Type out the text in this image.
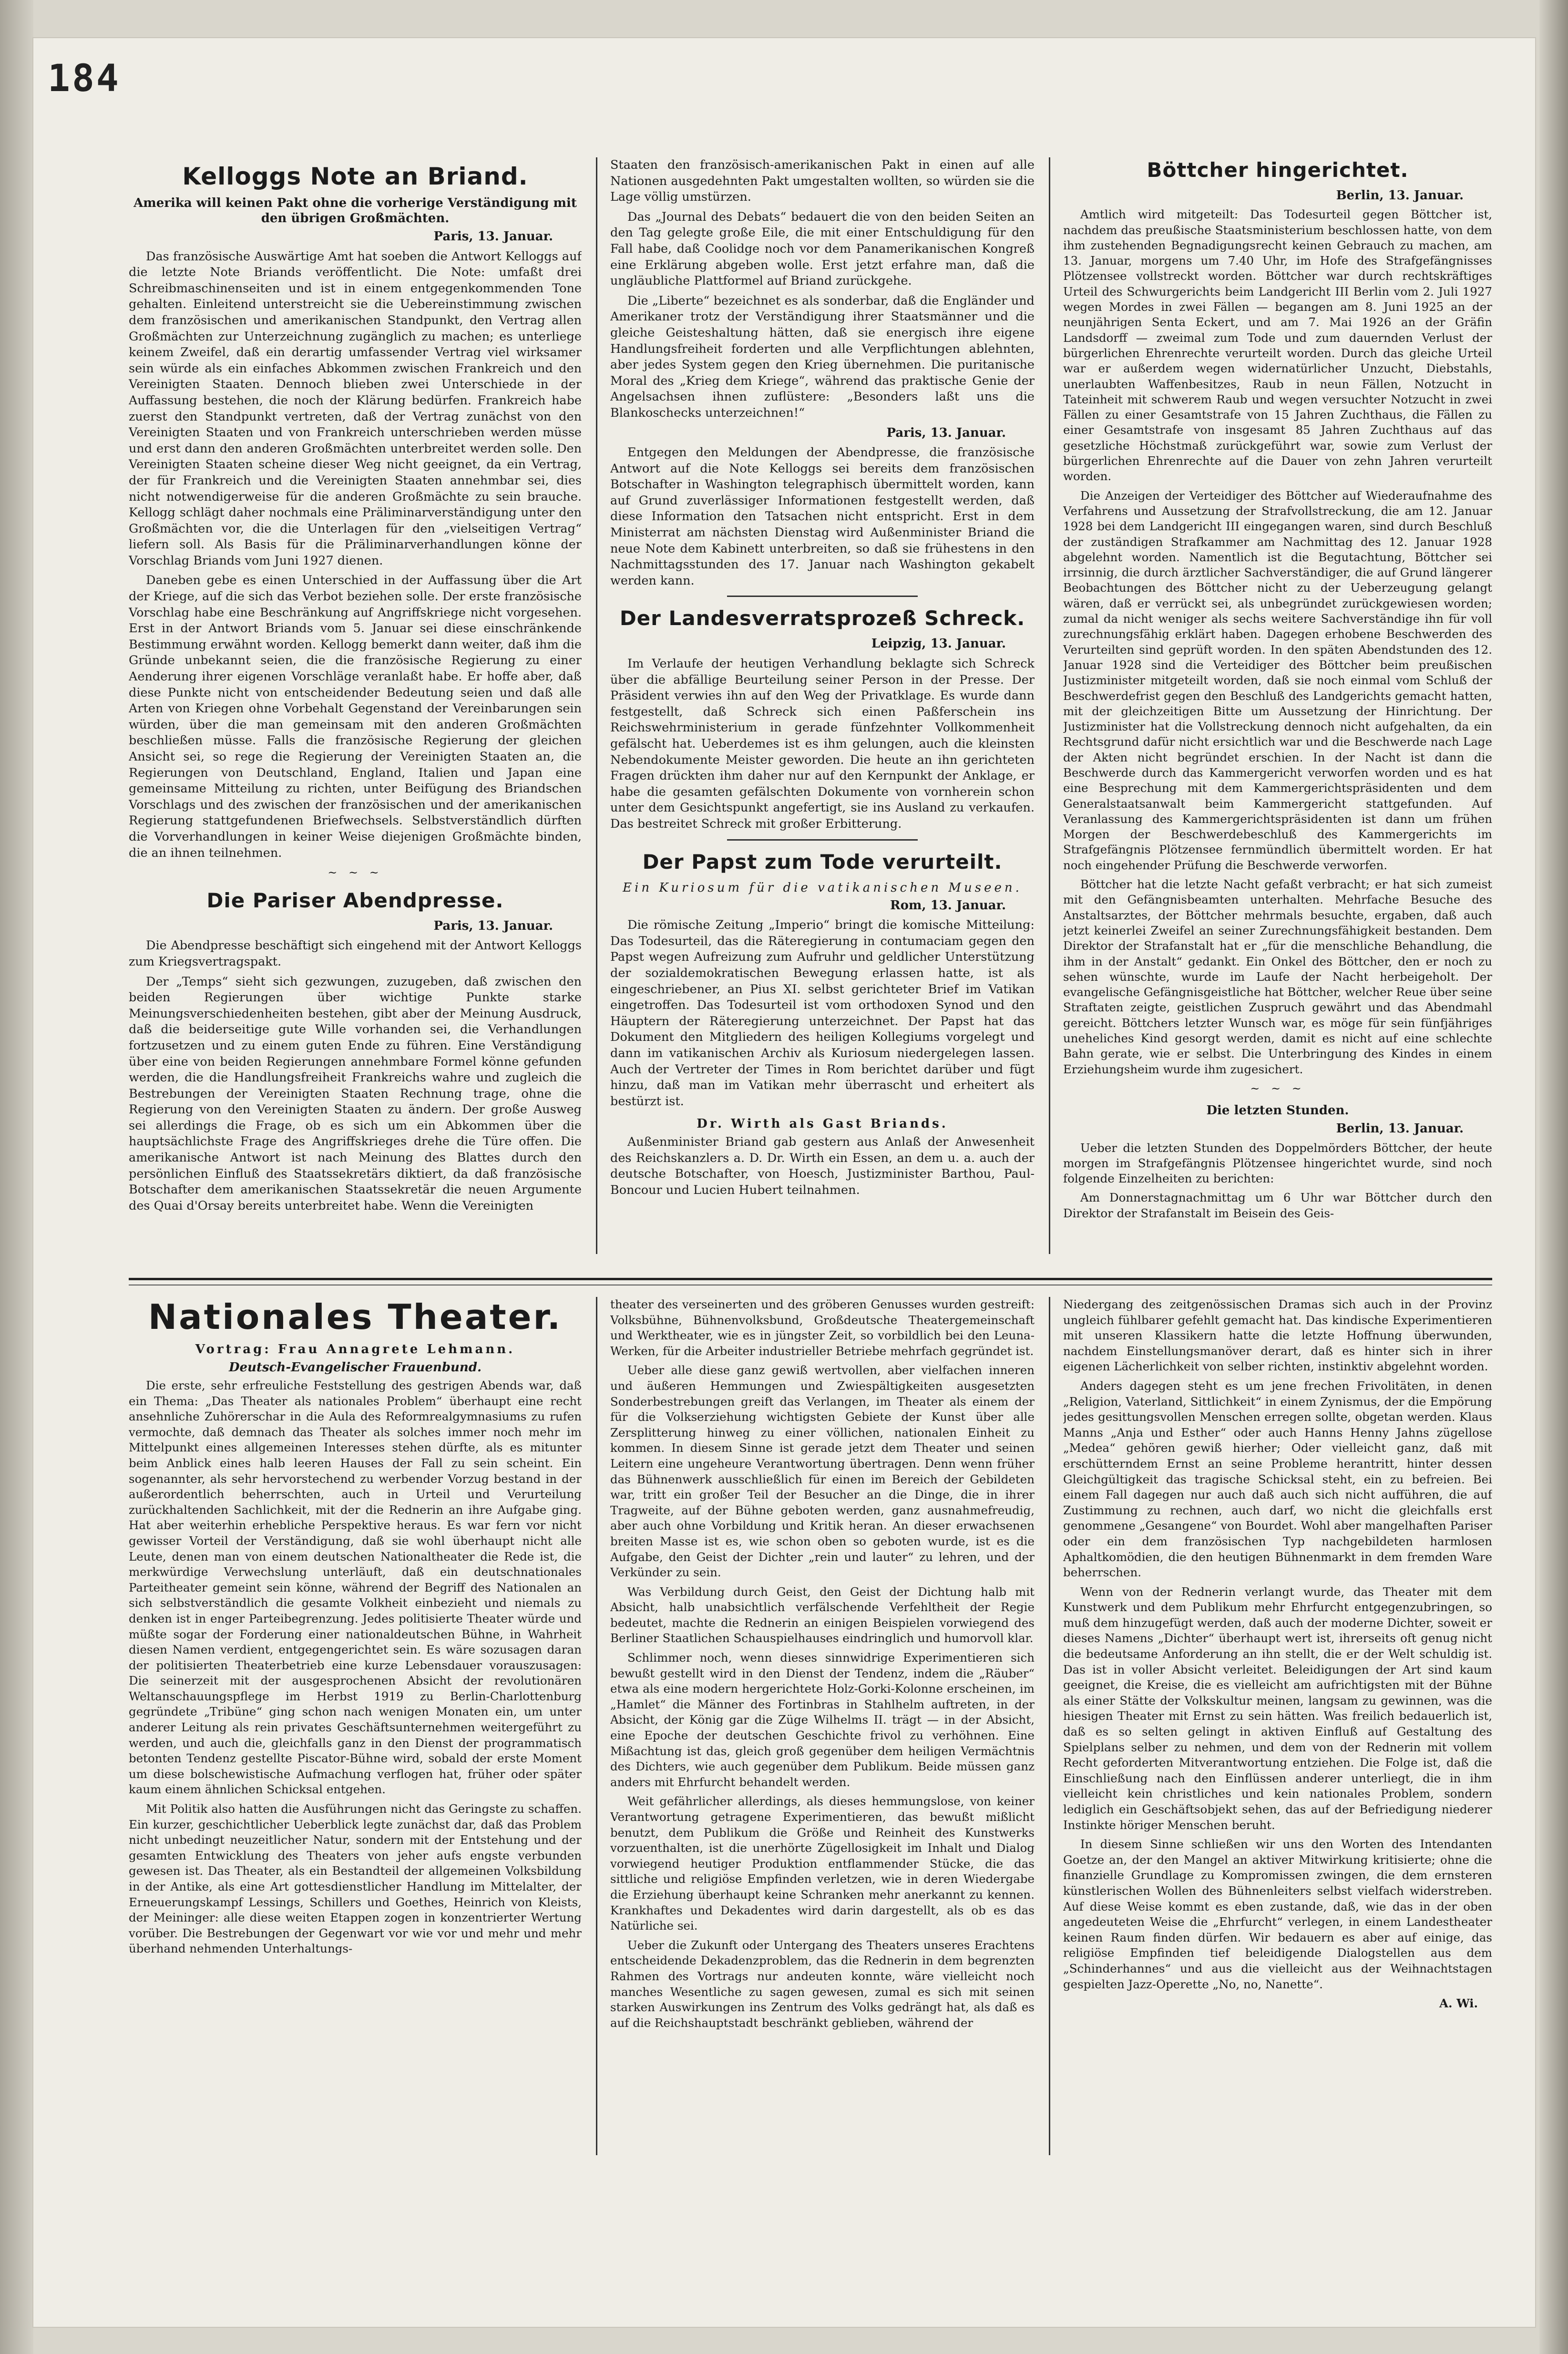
184
Kelloggs Note an Briand.
Amerika will keinen Pakt ohne die vorherige Verständigung mit den übrigen Großmächten.
Paris, 13. Januar.

Das französische Auswärtige Amt hat soeben die Antwort Kelloggs auf die letzte Note Briands veröffentlicht. Die Note: umfaßt drei Schreibmaschinenseiten und ist in einem entgegenkommenden Tone gehalten. Einleitend unterstreicht sie die Uebereinstimmung zwischen dem französischen und amerikanischen Standpunkt, den Vertrag allen Großmächten zur Unterzeichnung zugänglich zu machen; es unterliege keinem Zweifel, daß ein derartig umfassender Vertrag viel wirksamer sein würde als ein einfaches Abkommen zwischen Frankreich und den Vereinigten Staaten. Dennoch blieben zwei Unterschiede in der Auffassung bestehen, die noch der Klärung bedürfen. Frankreich habe zuerst den Standpunkt vertreten, daß der Vertrag zunächst von den Vereinigten Staaten und von Frankreich unterschrieben werden müsse und erst dann den anderen Großmächten unterbreitet werden solle. Den Vereinigten Staaten scheine dieser Weg nicht geeignet, da ein Vertrag, der für Frankreich und die Vereinigten Staaten annehmbar sei, dies nicht notwendigerweise für die anderen Großmächte zu sein brauche. Kellogg schlägt daher nochmals eine Präliminarverständigung unter den Großmächten vor, die die Unterlagen für den „vielseitigen Vertrag“ liefern soll. Als Basis für die Präliminarverhandlungen könne der Vorschlag Briands vom Juni 1927 dienen.

Daneben gebe es einen Unterschied in der Auffassung über die Art der Kriege, auf die sich das Verbot beziehen solle. Der erste französische Vorschlag habe eine Beschränkung auf Angriffskriege nicht vorgesehen. Erst in der Antwort Briands vom 5. Januar sei diese einschränkende Bestimmung erwähnt worden. Kellogg bemerkt dann weiter, daß ihm die Gründe unbekannt seien, die die französische Regierung zu einer Aenderung ihrer eigenen Vorschläge veranlaßt habe. Er hoffe aber, daß diese Punkte nicht von entscheidender Bedeutung seien und daß alle Arten von Kriegen ohne Vorbehalt Gegenstand der Vereinbarungen sein würden, über die man gemeinsam mit den anderen Großmächten beschließen müsse. Falls die französische Regierung der gleichen Ansicht sei, so rege die Regierung der Vereinigten Staaten an, die Regierungen von Deutschland, England, Italien und Japan eine gemeinsame Mitteilung zu richten, unter Beifügung des Briandschen Vorschlags und des zwischen der französischen und der amerikanischen Regierung stattgefundenen Briefwechsels. Selbstverständlich dürften die Vorverhandlungen in keiner Weise diejenigen Großmächte binden, die an ihnen teilnehmen.

~ ~ ~
Die Pariser Abendpresse.
Paris, 13. Januar.

Die Abendpresse beschäftigt sich eingehend mit der Antwort Kelloggs zum Kriegsvertragspakt.

Der „Temps“ sieht sich gezwungen, zuzugeben, daß zwischen den beiden Regierungen über wichtige Punkte starke Meinungsverschiedenheiten bestehen, gibt aber der Meinung Ausdruck, daß die beiderseitige gute Wille vorhanden sei, die Verhandlungen fortzusetzen und zu einem guten Ende zu führen. Eine Verständigung über eine von beiden Regierungen annehmbare Formel könne gefunden werden, die die Handlungsfreiheit Frankreichs wahre und zugleich die Bestrebungen der Vereinigten Staaten Rechnung trage, ohne die Regierung von den Vereinigten Staaten zu ändern. Der große Ausweg sei allerdings die Frage, ob es sich um ein Abkommen über die hauptsächlichste Frage des Angriffskrieges drehe die Türe offen. Die amerikanische Antwort ist nach Meinung des Blattes durch den persönlichen Einfluß des Staatssekretärs diktiert, da daß französische Botschafter dem amerikanischen Staatssekretär die neuen Argumente des Quai d'Orsay bereits unterbreitet habe. Wenn die Vereinigten

Staaten den französisch-amerikanischen Pakt in einen auf alle Nationen ausgedehnten Pakt umgestalten wollten, so würden sie die Lage völlig umstürzen.

Das „Journal des Debats“ bedauert die von den beiden Seiten an den Tag gelegte große Eile, die mit einer Entschuldigung für den Fall habe, daß Coolidge noch vor dem Panamerikanischen Kongreß eine Erklärung abgeben wolle. Erst jetzt erfahre man, daß die ungläubliche Plattformel auf Briand zurückgehe.

Die „Liberte“ bezeichnet es als sonderbar, daß die Engländer und Amerikaner trotz der Verständigung ihrer Staatsmänner und die gleiche Geisteshaltung hätten, daß sie energisch ihre eigene Handlungsfreiheit forderten und alle Verpflichtungen ablehnten, aber jedes System gegen den Krieg übernehmen. Die puritanische Moral des „Krieg dem Kriege“, während das praktische Genie der Angelsachsen ihnen zuflüstere: „Besonders laßt uns die Blankoschecks unterzeichnen!“

Paris, 13. Januar.

Entgegen den Meldungen der Abendpresse, die französische Antwort auf die Note Kelloggs sei bereits dem französischen Botschafter in Washington telegraphisch übermittelt worden, kann auf Grund zuverlässiger Informationen festgestellt werden, daß diese Information den Tatsachen nicht entspricht. Erst in dem Ministerrat am nächsten Dienstag wird Außenminister Briand die neue Note dem Kabinett unterbreiten, so daß sie frühestens in den Nachmittagsstunden des 17. Januar nach Washington gekabelt werden kann.

Der Landesverratsprozeß Schreck.
Leipzig, 13. Januar.

Im Verlaufe der heutigen Verhandlung beklagte sich Schreck über die abfällige Beurteilung seiner Person in der Presse. Der Präsident verwies ihn auf den Weg der Privatklage. Es wurde dann festgestellt, daß Schreck sich einen Paßferschein ins Reichswehrministerium in gerade fünfzehnter Vollkommenheit gefälscht hat. Ueberdemes ist es ihm gelungen, auch die kleinsten Nebendokumente Meister geworden. Die heute an ihn gerichteten Fragen drückten ihm daher nur auf den Kernpunkt der Anklage, er habe die gesamten gefälschten Dokumente von vornherein schon unter dem Gesichtspunkt angefertigt, sie ins Ausland zu verkaufen. Das bestreitet Schreck mit großer Erbitterung.

Der Papst zum Tode verurteilt.
Ein Kuriosum für die vatikanischen Museen.
Rom, 13. Januar.

Die römische Zeitung „Imperio“ bringt die komische Mitteilung: Das Todesurteil, das die Räteregierung in contumaciam gegen den Papst wegen Aufreizung zum Aufruhr und geldlicher Unterstützung der sozialdemokratischen Bewegung erlassen hatte, ist als eingeschriebener, an Pius XI. selbst gerichteter Brief im Vatikan eingetroffen. Das Todesurteil ist vom orthodoxen Synod und den Häuptern der Räteregierung unterzeichnet. Der Papst hat das Dokument den Mitgliedern des heiligen Kollegiums vorgelegt und dann im vatikanischen Archiv als Kuriosum niedergelegen lassen. Auch der Vertreter der Times in Rom berichtet darüber und fügt hinzu, daß man im Vatikan mehr überrascht und erheitert als bestürzt ist.

Dr. Wirth als Gast Briands.

Außenminister Briand gab gestern aus Anlaß der Anwesenheit des Reichskanzlers a. D. Dr. Wirth ein Essen, an dem u. a. auch der deutsche Botschafter, von Hoesch, Justizminister Barthou, Paul-Boncour und Lucien Hubert teilnahmen.

Böttcher hingerichtet.
Berlin, 13. Januar.

Amtlich wird mitgeteilt: Das Todesurteil gegen Böttcher ist, nachdem das preußische Staatsministerium beschlossen hatte, von dem ihm zustehenden Begnadigungsrecht keinen Gebrauch zu machen, am 13. Januar, morgens um 7.40 Uhr, im Hofe des Strafgefängnisses Plötzensee vollstreckt worden. Böttcher war durch rechtskräftiges Urteil des Schwurgerichts beim Landgericht III Berlin vom 2. Juli 1927 wegen Mordes in zwei Fällen — begangen am 8. Juni 1925 an der neunjährigen Senta Eckert, und am 7. Mai 1926 an der Gräfin Landsdorff — zweimal zum Tode und zum dauernden Verlust der bürgerlichen Ehrenrechte verurteilt worden. Durch das gleiche Urteil war er außerdem wegen widernatürlicher Unzucht, Diebstahls, unerlaubten Waffenbesitzes, Raub in neun Fällen, Notzucht in Tateinheit mit schwerem Raub und wegen versuchter Notzucht in zwei Fällen zu einer Gesamtstrafe von 15 Jahren Zuchthaus, die Fällen zu einer Gesamtstrafe von insgesamt 85 Jahren Zuchthaus auf das gesetzliche Höchstmaß zurückgeführt war, sowie zum Verlust der bürgerlichen Ehrenrechte auf die Dauer von zehn Jahren verurteilt worden.

Die Anzeigen der Verteidiger des Böttcher auf Wiederaufnahme des Verfahrens und Aussetzung der Strafvollstreckung, die am 12. Januar 1928 bei dem Landgericht III eingegangen waren, sind durch Beschluß der zuständigen Strafkammer am Nachmittag des 12. Januar 1928 abgelehnt worden. Namentlich ist die Begutachtung, Böttcher sei irrsinnig, die durch ärztlicher Sachverständiger, die auf Grund längerer Beobachtungen des Böttcher nicht zu der Ueberzeugung gelangt wären, daß er verrückt sei, als unbegründet zurückgewiesen worden; zumal da nicht weniger als sechs weitere Sachverständige ihn für voll zurechnungsfähig erklärt haben. Dagegen erhobene Beschwerden des Verurteilten sind geprüft worden. In den späten Abendstunden des 12. Januar 1928 sind die Verteidiger des Böttcher beim preußischen Justizminister mitgeteilt worden, daß sie noch einmal vom Schluß der Beschwerdefrist gegen den Beschluß des Landgerichts gemacht hatten, mit der gleichzeitigen Bitte um Aussetzung der Hinrichtung. Der Justizminister hat die Vollstreckung dennoch nicht aufgehalten, da ein Rechtsgrund dafür nicht ersichtlich war und die Beschwerde nach Lage der Akten nicht begründet erschien. In der Nacht ist dann die Beschwerde durch das Kammergericht verworfen worden und es hat eine Besprechung mit dem Kammergerichtspräsidenten und dem Generalstaatsanwalt beim Kammergericht stattgefunden. Auf Veranlassung des Kammergerichtspräsidenten ist dann um frühen Morgen der Beschwerdebeschluß des Kammergerichts im Strafgefängnis Plötzensee fernmündlich übermittelt worden. Er hat noch eingehender Prüfung die Beschwerde verworfen.

Böttcher hat die letzte Nacht gefaßt verbracht; er hat sich zumeist mit den Gefängnisbeamten unterhalten. Mehrfache Besuche des Anstaltsarztes, der Böttcher mehrmals besuchte, ergaben, daß auch jetzt keinerlei Zweifel an seiner Zurechnungsfähigkeit bestanden. Dem Direktor der Strafanstalt hat er „für die menschliche Behandlung, die ihm in der Anstalt“ gedankt. Ein Onkel des Böttcher, den er noch zu sehen wünschte, wurde im Laufe der Nacht herbeigeholt. Der evangelische Gefängnisgeistliche hat Böttcher, welcher Reue über seine Straftaten zeigte, geistlichen Zuspruch gewährt und das Abendmahl gereicht. Böttchers letzter Wunsch war, es möge für sein fünfjähriges uneheliches Kind gesorgt werden, damit es nicht auf eine schlechte Bahn gerate, wie er selbst. Die Unterbringung des Kindes in einem Erziehungsheim wurde ihm zugesichert.

~ ~ ~
Die letzten Stunden.
Berlin, 13. Januar.

Ueber die letzten Stunden des Doppelmörders Böttcher, der heute morgen im Strafgefängnis Plötzensee hingerichtet wurde, sind noch folgende Einzelheiten zu berichten:

Am Donnerstagnachmittag um 6 Uhr war Böttcher durch den Direktor der Strafanstalt im Beisein des Geis-

Nationales Theater.
Vortrag: Frau Annagrete Lehmann.
Deutsch-Evangelischer Frauenbund.

Die erste, sehr erfreuliche Feststellung des gestrigen Abends war, daß ein Thema: „Das Theater als nationales Problem“ überhaupt eine recht ansehnliche Zuhörerschar in die Aula des Reformrealgymnasiums zu rufen vermochte, daß demnach das Theater als solches immer noch mehr im Mittelpunkt eines allgemeinen Interesses stehen dürfte, als es mitunter beim Anblick eines halb leeren Hauses der Fall zu sein scheint. Ein sogenannter, als sehr hervorstechend zu werbender Vorzug bestand in der außerordentlich beherrschten, auch in Urteil und Verurteilung zurückhaltenden Sachlichkeit, mit der die Rednerin an ihre Aufgabe ging. Hat aber weiterhin erhebliche Perspektive heraus. Es war fern vor nicht gewisser Vorteil der Verständigung, daß sie wohl überhaupt nicht alle Leute, denen man von einem deutschen Nationaltheater die Rede ist, die merkwürdige Verwechslung unterläuft, daß ein deutschnationales Parteitheater gemeint sein könne, während der Begriff des Nationalen an sich selbstverständlich die gesamte Volkheit einbezieht und niemals zu denken ist in enger Parteibegrenzung. Jedes politisierte Theater würde und müßte sogar der Forderung einer nationaldeutschen Bühne, in Wahrheit diesen Namen verdient, entgegengerichtet sein. Es wäre sozusagen daran der politisierten Theaterbetrieb eine kurze Lebensdauer vorauszusagen: Die seinerzeit mit der ausgesprochenen Absicht der revolutionären Weltanschauungspflege im Herbst 1919 zu Berlin-Charlottenburg gegründete „Tribüne“ ging schon nach wenigen Monaten ein, um unter anderer Leitung als rein privates Geschäftsunternehmen weitergeführt zu werden, und auch die, gleichfalls ganz in den Dienst der programmatisch betonten Tendenz gestellte Piscator-Bühne wird, sobald der erste Moment um diese bolschewistische Aufmachung verflogen hat, früher oder später kaum einem ähnlichen Schicksal entgehen.

Mit Politik also hatten die Ausführungen nicht das Geringste zu schaffen. Ein kurzer, geschichtlicher Ueberblick legte zunächst dar, daß das Problem nicht unbedingt neuzeitlicher Natur, sondern mit der Entstehung und der gesamten Entwicklung des Theaters von jeher aufs engste verbunden gewesen ist. Das Theater, als ein Bestandteil der allgemeinen Volksbildung in der Antike, als eine Art gottesdienstlicher Handlung im Mittelalter, der Erneuerungskampf Lessings, Schillers und Goethes, Heinrich von Kleists, der Meininger: alle diese weiten Etappen zogen in konzentrierter Wertung vorüber. Die Bestrebungen der Gegenwart vor wie vor und mehr und mehr überhand nehmenden Unterhaltungs-

theater des verseinerten und des gröberen Genusses wurden gestreift: Volksbühne, Bühnenvolksbund, Großdeutsche Theatergemeinschaft und Werktheater, wie es in jüngster Zeit, so vorbildlich bei den Leuna-Werken, für die Arbeiter industrieller Betriebe mehrfach gegründet ist.

Ueber alle diese ganz gewiß wertvollen, aber vielfachen inneren und äußeren Hemmungen und Zwiespältigkeiten ausgesetzten Sonderbestrebungen greift das Verlangen, im Theater als einem der für die Volkserziehung wichtigsten Gebiete der Kunst über alle Zersplitterung hinweg zu einer völlichen, nationalen Einheit zu kommen. In diesem Sinne ist gerade jetzt dem Theater und seinen Leitern eine ungeheure Verantwortung übertragen. Denn wenn früher das Bühnenwerk ausschließlich für einen im Bereich der Gebildeten war, tritt ein großer Teil der Besucher an die Dinge, die in ihrer Tragweite, auf der Bühne geboten werden, ganz ausnahmefreudig, aber auch ohne Vorbildung und Kritik heran. An dieser erwachsenen breiten Masse ist es, wie schon oben so geboten wurde, ist es die Aufgabe, den Geist der Dichter „rein und lauter“ zu lehren, und der Verkünder zu sein.

Was Verbildung durch Geist, den Geist der Dichtung halb mit Absicht, halb unabsichtlich verfälschende Verfehltheit der Regie bedeutet, machte die Rednerin an einigen Beispielen vorwiegend des Berliner Staatlichen Schauspielhauses eindringlich und humorvoll klar.

Schlimmer noch, wenn dieses sinnwidrige Experimentieren sich bewußt gestellt wird in den Dienst der Tendenz, indem die „Räuber“ etwa als eine modern hergerichtete Holz-Gorki-Kolonne erscheinen, im „Hamlet“ die Männer des Fortinbras in Stahlhelm auftreten, in der Absicht, der König gar die Züge Wilhelms II. trägt — in der Absicht, eine Epoche der deutschen Geschichte frivol zu verhöhnen. Eine Mißachtung ist das, gleich groß gegenüber dem heiligen Vermächtnis des Dichters, wie auch gegenüber dem Publikum. Beide müssen ganz anders mit Ehrfurcht behandelt werden.

Weit gefährlicher allerdings, als dieses hemmungslose, von keiner Verantwortung getragene Experimentieren, das bewußt mißlicht benutzt, dem Publikum die Größe und Reinheit des Kunstwerks vorzuenthalten, ist die unerhörte Zügellosigkeit im Inhalt und Dialog vorwiegend heutiger Produktion entflammender Stücke, die das sittliche und religiöse Empfinden verletzen, wie in deren Wiedergabe die Erziehung überhaupt keine Schranken mehr anerkannt zu kennen. Krankhaftes und Dekadentes wird darin dargestellt, als ob es das Natürliche sei.

Ueber die Zukunft oder Untergang des Theaters unseres Erachtens entscheidende Dekadenzproblem, das die Rednerin in dem begrenzten Rahmen des Vortrags nur andeuten konnte, wäre vielleicht noch manches Wesentliche zu sagen gewesen, zumal es sich mit seinen starken Auswirkungen ins Zentrum des Volks gedrängt hat, als daß es auf die Reichshauptstadt beschränkt geblieben, während der

Niedergang des zeitgenössischen Dramas sich auch in der Provinz ungleich fühlbarer gefehlt gemacht hat. Das kindische Experimentieren mit unseren Klassikern hatte die letzte Hoffnung überwunden, nachdem Einstellungsmanöver derart, daß es hinter sich in ihrer eigenen Lächerlichkeit von selber richten, instinktiv abgelehnt worden.

Anders dagegen steht es um jene frechen Frivolitäten, in denen „Religion, Vaterland, Sittlichkeit“ in einem Zynismus, der die Empörung jedes gesittungsvollen Menschen erregen sollte, obgetan werden. Klaus Manns „Anja und Esther“ oder auch Hanns Henny Jahns zügellose „Medea“ gehören gewiß hierher; Oder vielleicht ganz, daß mit erschütterndem Ernst an seine Probleme herantritt, hinter dessen Gleichgültigkeit das tragische Schicksal steht, ein zu befreien. Bei einem Fall dagegen nur auch daß auch sich nicht aufführen, die auf Zustimmung zu rechnen, auch darf, wo nicht die gleichfalls erst genommene „Gesangene“ von Bourdet. Wohl aber mangelhaften Pariser oder ein dem französischen Typ nachgebildeten harmlosen Aphaltkomödien, die den heutigen Bühnenmarkt in dem fremden Ware beherrschen.

Wenn von der Rednerin verlangt wurde, das Theater mit dem Kunstwerk und dem Publikum mehr Ehrfurcht entgegenzubringen, so muß dem hinzugefügt werden, daß auch der moderne Dichter, soweit er dieses Namens „Dichter“ überhaupt wert ist, ihrerseits oft genug nicht die bedeutsame Anforderung an ihn stellt, die er der Welt schuldig ist. Das ist in voller Absicht verleitet. Beleidigungen der Art sind kaum geeignet, die Kreise, die es vielleicht am aufrichtigsten mit der Bühne als einer Stätte der Volkskultur meinen, langsam zu gewinnen, was die hiesigen Theater mit Ernst zu sein hätten. Was freilich bedauerlich ist, daß es so selten gelingt in aktiven Einfluß auf Gestaltung des Spielplans selber zu nehmen, und dem von der Rednerin mit vollem Recht geforderten Mitverantwortung entziehen. Die Folge ist, daß die Einschließung nach den Einflüssen anderer unterliegt, die in ihm vielleicht kein christliches und kein nationales Problem, sondern lediglich ein Geschäftsobjekt sehen, das auf der Befriedigung niederer Instinkte höriger Menschen beruht.

In diesem Sinne schließen wir uns den Worten des Intendanten Goetze an, der den Mangel an aktiver Mitwirkung kritisierte; ohne die finanzielle Grundlage zu Kompromissen zwingen, die dem ernsteren künstlerischen Wollen des Bühnenleiters selbst vielfach widerstreben. Auf diese Weise kommt es eben zustande, daß, wie das in der oben angedeuteten Weise die „Ehrfurcht“ verlegen, in einem Landestheater keinen Raum finden dürfen. Wir bedauern es aber auf einige, das religiöse Empfinden tief beleidigende Dialogstellen aus dem „Schinderhannes“ und aus die vielleicht aus der Weihnachtstagen gespielten Jazz-Operette „No, no, Nanette“.

A. Wi.
